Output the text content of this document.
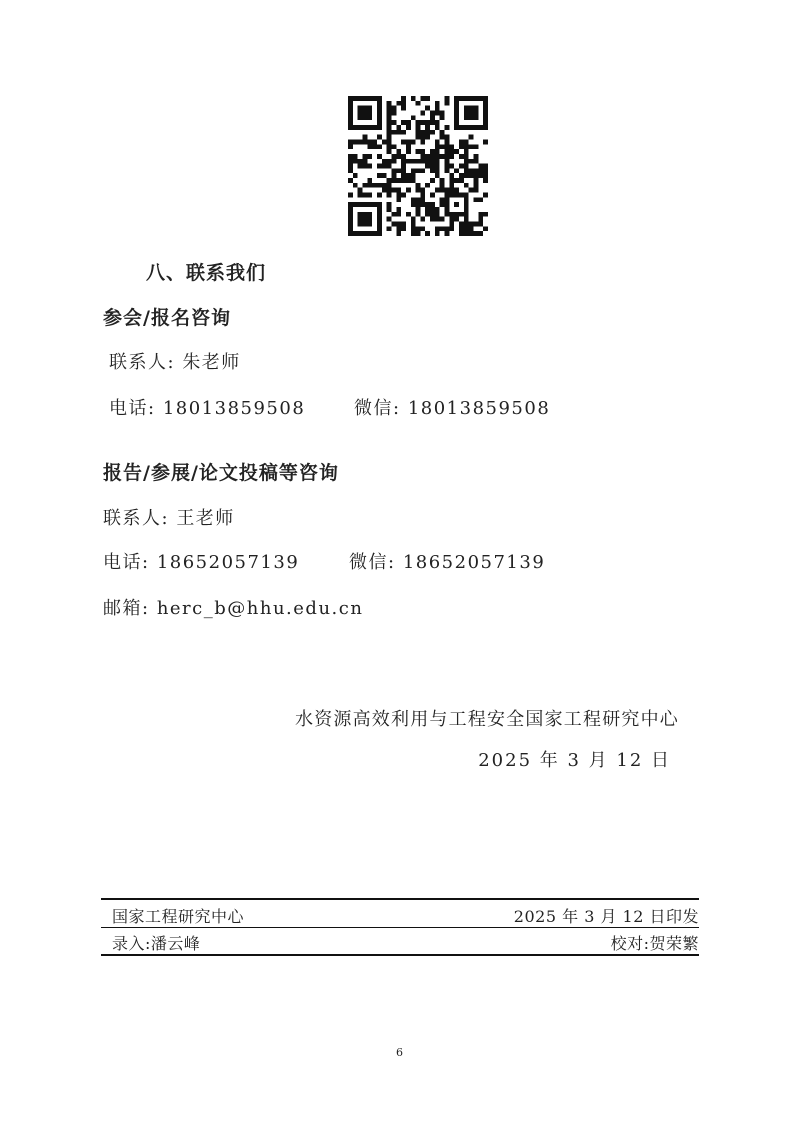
八、联系我们
参会/报名咨询
联系人: 朱老师
电话: 18013859508	微信: 18013859508
报告/参展/论文投稿等咨询
联系人: 王老师
电话: 18652057139	微信: 18652057139
邮箱: herc_b@hhu.edu.cn
水资源高效利用与工程安全国家工程研究中心
2025 年 3 月 12 日
国家工程研究中心	2025 年 3 月 12 日印发
录入:潘云峰	校对:贺荣繁
6
